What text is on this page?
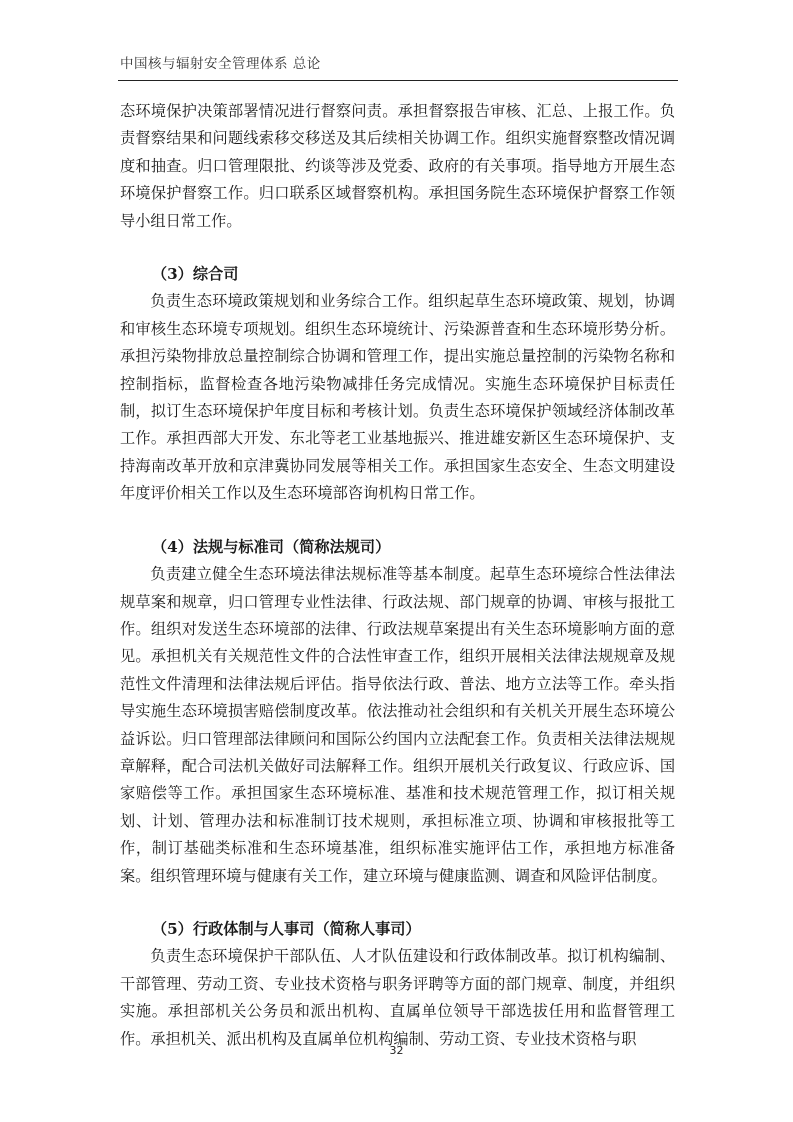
中国核与辐射安全管理体系 总论

态环境保护决策部署情况进行督察问责。承担督察报告审核、汇总、上报工作。负责督察结果和问题线索移交移送及其后续相关协调工作。组织实施督察整改情况调度和抽查。归口管理限批、约谈等涉及党委、政府的有关事项。指导地方开展生态环境保护督察工作。归口联系区域督察机构。承担国务院生态环境保护督察工作领导小组日常工作。

（3）综合司

负责生态环境政策规划和业务综合工作。组织起草生态环境政策、规划，协调和审核生态环境专项规划。组织生态环境统计、污染源普查和生态环境形势分析。承担污染物排放总量控制综合协调和管理工作，提出实施总量控制的污染物名称和控制指标，监督检查各地污染物减排任务完成情况。实施生态环境保护目标责任制，拟订生态环境保护年度目标和考核计划。负责生态环境保护领域经济体制改革工作。承担西部大开发、东北等老工业基地振兴、推进雄安新区生态环境保护、支持海南改革开放和京津冀协同发展等相关工作。承担国家生态安全、生态文明建设年度评价相关工作以及生态环境部咨询机构日常工作。

（4）法规与标准司（简称法规司）

负责建立健全生态环境法律法规标准等基本制度。起草生态环境综合性法律法规草案和规章，归口管理专业性法律、行政法规、部门规章的协调、审核与报批工作。组织对发送生态环境部的法律、行政法规草案提出有关生态环境影响方面的意见。承担机关有关规范性文件的合法性审查工作，组织开展相关法律法规规章及规范性文件清理和法律法规后评估。指导依法行政、普法、地方立法等工作。牵头指导实施生态环境损害赔偿制度改革。依法推动社会组织和有关机关开展生态环境公益诉讼。归口管理部法律顾问和国际公约国内立法配套工作。负责相关法律法规规章解释，配合司法机关做好司法解释工作。组织开展机关行政复议、行政应诉、国家赔偿等工作。承担国家生态环境标准、基准和技术规范管理工作，拟订相关规划、计划、管理办法和标准制订技术规则，承担标准立项、协调和审核报批等工作，制订基础类标准和生态环境基准，组织标准实施评估工作，承担地方标准备案。组织管理环境与健康有关工作，建立环境与健康监测、调查和风险评估制度。

（5）行政体制与人事司（简称人事司）

负责生态环境保护干部队伍、人才队伍建设和行政体制改革。拟订机构编制、干部管理、劳动工资、专业技术资格与职务评聘等方面的部门规章、制度，并组织实施。承担部机关公务员和派出机构、直属单位领导干部选拔任用和监督管理工作。承担机关、派出机构及直属单位机构编制、劳动工资、专业技术资格与职

32
